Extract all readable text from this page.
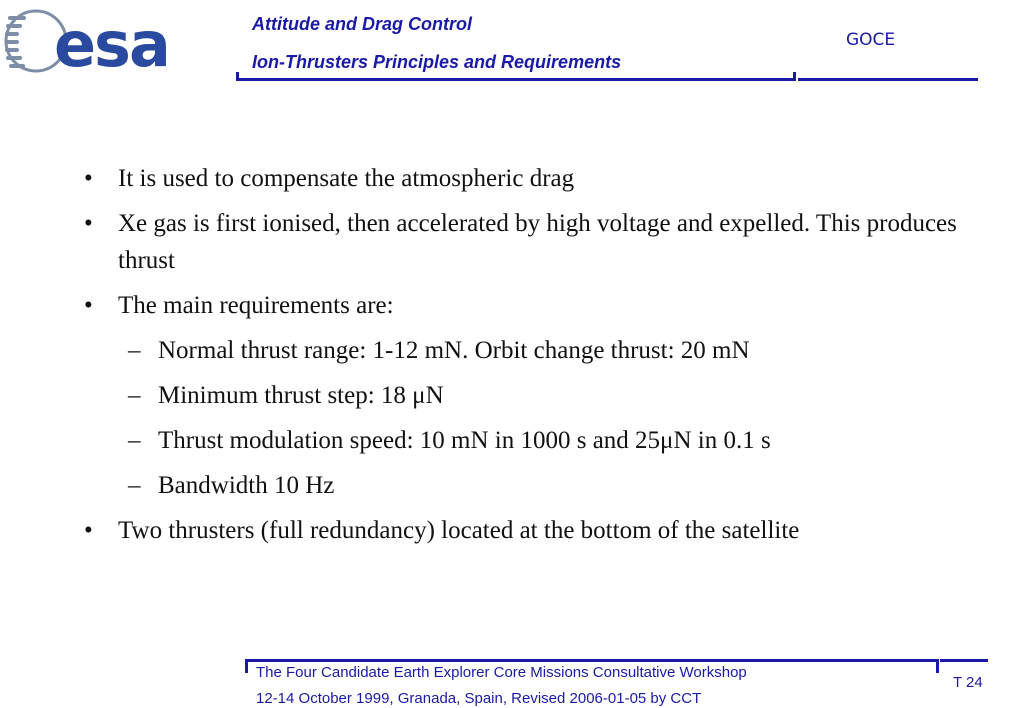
esa	Attitude and Drag Control
Ion-Thrusters Principles and Requirements
GOCE
•	It is used to compensate the atmospheric drag
•	Xe gas is first ionised, then accelerated by high voltage and expelled. This produces thrust
•	The main requirements are:
– Normal thrust range: 1-12 mN. Orbit change thrust: 20 mN
– Minimum thrust step: 18 μN
– Thrust modulation speed: 10 mN in 1000 s and 25μN in 0.1 s
– Bandwidth 10 Hz
•	Two thrusters (full redundancy) located at the bottom of the satellite
The Four Candidate Earth Explorer Core Missions Consultative Workshop
12-14 October 1999, Granada, Spain, Revised 2006-01-05 by CCT
T 24
